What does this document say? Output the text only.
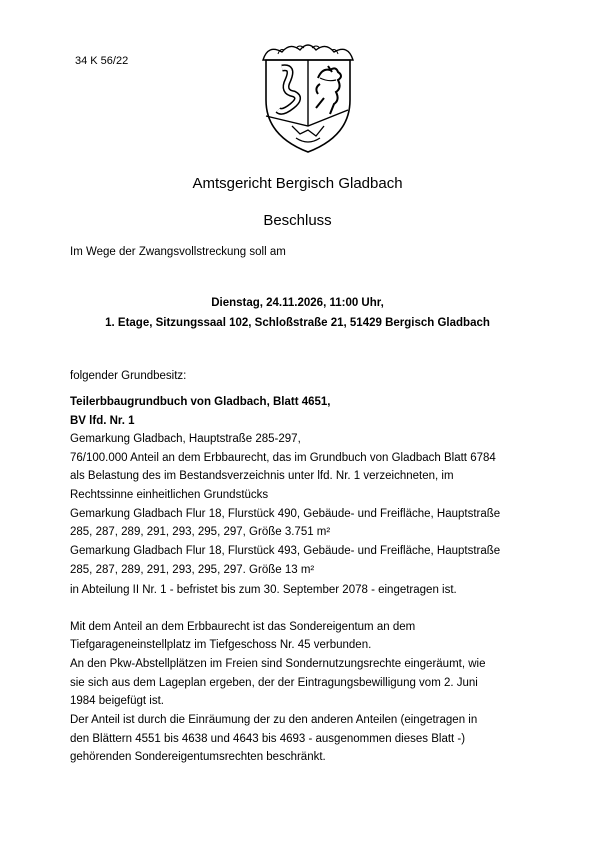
34 K 56/22
Amtsgericht Bergisch Gladbach
Beschluss
Im Wege der Zwangsvollstreckung soll am
Dienstag, 24.11.2026, 11:00 Uhr,
1. Etage, Sitzungssaal 102, Schloßstraße 21, 51429 Bergisch Gladbach
folgender Grundbesitz:
Teilerbbaugrundbuch von Gladbach, Blatt 4651,
BV lfd. Nr. 1
Gemarkung Gladbach, Hauptstraße 285-297,
76/100.000 Anteil an dem Erbbaurecht, das im Grundbuch von Gladbach Blatt 6784
als Belastung des im Bestandsverzeichnis unter lfd. Nr. 1 verzeichneten, im
Rechtssinne einheitlichen Grundstücks
Gemarkung Gladbach Flur 18, Flurstück 490, Gebäude- und Freifläche, Hauptstraße
285, 287, 289, 291, 293, 295, 297, Größe 3.751 m²
Gemarkung Gladbach Flur 18, Flurstück 493, Gebäude- und Freifläche, Hauptstraße
285, 287, 289, 291, 293, 295, 297. Größe 13 m²
in Abteilung II Nr. 1 - befristet bis zum 30. September 2078 - eingetragen ist.
Mit dem Anteil an dem Erbbaurecht ist das Sondereigentum an dem
Tiefgarageneinstellplatz im Tiefgeschoss Nr. 45 verbunden.
An den Pkw-Abstellplätzen im Freien sind Sondernutzungsrechte eingeräumt, wie
sie sich aus dem Lageplan ergeben, der der Eintragungsbewilligung vom 2. Juni
1984 beigefügt ist.
Der Anteil ist durch die Einräumung der zu den anderen Anteilen (eingetragen in
den Blättern 4551 bis 4638 und 4643 bis 4693 - ausgenommen dieses Blatt -)
gehörenden Sondereigentumsrechten beschränkt.
